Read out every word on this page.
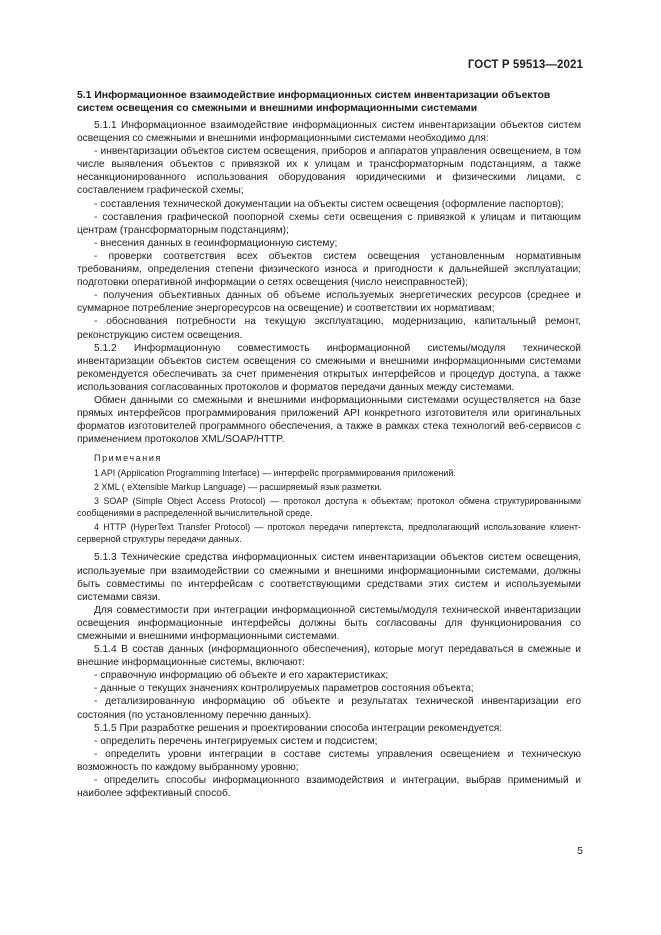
ГОСТ Р 59513—2021
5.1 Информационное взаимодействие информационных систем инвентаризации объектов систем освещения со смежными и внешними информационными системами

5.1.1 Информационное взаимодействие информационных систем инвентаризации объектов систем освещения со смежными и внешними информационными системами необходимо для:

- инвентаризации объектов систем освещения, приборов и аппаратов управления освещением, в том числе выявления объектов с привязкой их к улицам и трансформаторным подстанциям, а также несанкционированного использования оборудования юридическими и физическими лицами, с составлением графической схемы;

- составления технической документации на объекты систем освещения (оформление паспортов);

- составления графической поопорной схемы сети освещения с привязкой к улицам и питающим центрам (трансформаторным подстанциям);

- внесения данных в геоинформационную систему;

- проверки соответствия всех объектов систем освещения установленным нормативным требованиям, определения степени физического износа и пригодности к дальнейшей эксплуатации; подготовки оперативной информации о сетях освещения (число неисправностей);

- получения объективных данных об объеме используемых энергетических ресурсов (среднее и суммарное потребление энергоресурсов на освещение) и соответствии их нормативам;

- обоснования потребности на текущую эксплуатацию, модернизацию, капитальный ремонт, реконструкцию систем освещения.

5.1.2 Информационную совместимость информационной системы/модуля технической инвентаризации объектов систем освещения со смежными и внешними информационными системами рекомендуется обеспечивать за счет применения открытых интерфейсов и процедур доступа, а также использования согласованных протоколов и форматов передачи данных между системами.

Обмен данными со смежными и внешними информационными системами осуществляется на базе прямых интерфейсов программирования приложений API конкретного изготовителя или оригинальных форматов изготовителей программного обеспечения, а также в рамках стека технологий веб-сервисов с применением протоколов XML/SOAP/HTTP.

Примечания

1 API (Application Programming Interface) — интерфейс программирования приложений.

2 XML ( eXtensible Markup Language) — расширяемый язык разметки.

3 SOAP (Simple Object Access Protocol) — протокол доступа к объектам; протокол обмена структурированными сообщениями в распределенной вычислительной среде.

4 HTTP (HyperText Transfer Protocol) — протокол передачи гипертекста, предполагающий использование клиент-серверной структуры передачи данных.

5.1.3 Технические средства информационных систем инвентаризации объектов систем освещения, используемые при взаимодействии со смежными и внешними информационными системами, должны быть совместимы по интерфейсам с соответствующими средствами этих систем и используемыми системами связи.

Для совместимости при интеграции информационной системы/модуля технической инвентаризации освещения информационные интерфейсы должны быть согласованы для функционирования со смежными и внешними информационными системами.

5.1.4 В состав данных (информационного обеспечения), которые могут передаваться в смежные и внешние информационные системы, включают:

- справочную информацию об объекте и его характеристиках;

- данные о текущих значениях контролируемых параметров состояния объекта;

- детализированную информацию об объекте и результатах технической инвентаризации его состояния (по установленному перечню данных).

5.1.5 При разработке решения и проектировании способа интеграции рекомендуется:

- определить перечень интегрируемых систем и подсистем;

- определить уровни интеграции в составе системы управления освещением и техническую возможность по каждому выбранному уровню;

- определить способы информационного взаимодействия и интеграции, выбрав применимый и наиболее эффективный способ.

5
